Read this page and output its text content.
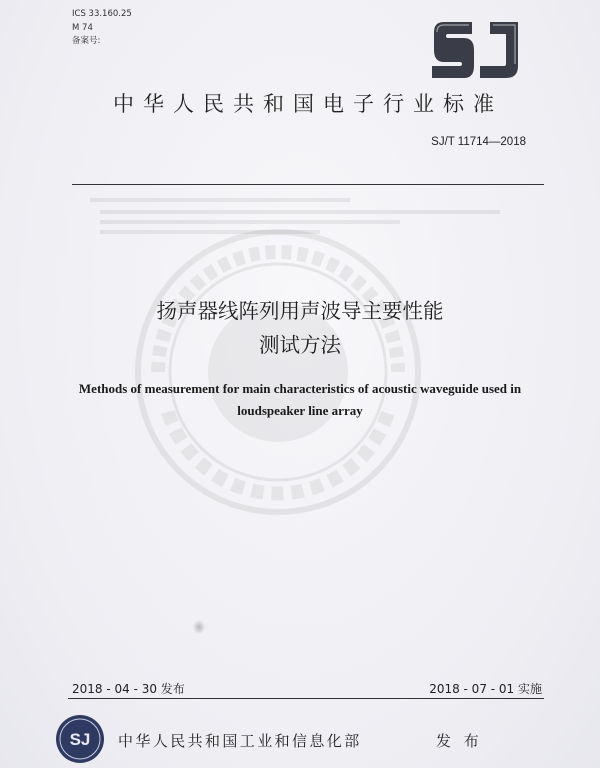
ICS 33.160.25
M 74
备案号:
中华人民共和国电子行业标准
SJ/T 11714—2018
扬声器线阵列用声波导主要性能
测试方法
Methods of measurement for main characteristics of acoustic waveguide used in
loudspeaker line array
2018 - 04 - 30 发布	2018 - 07 - 01 实施
SJ 中华人民共和国工业和信息化部	发 布
